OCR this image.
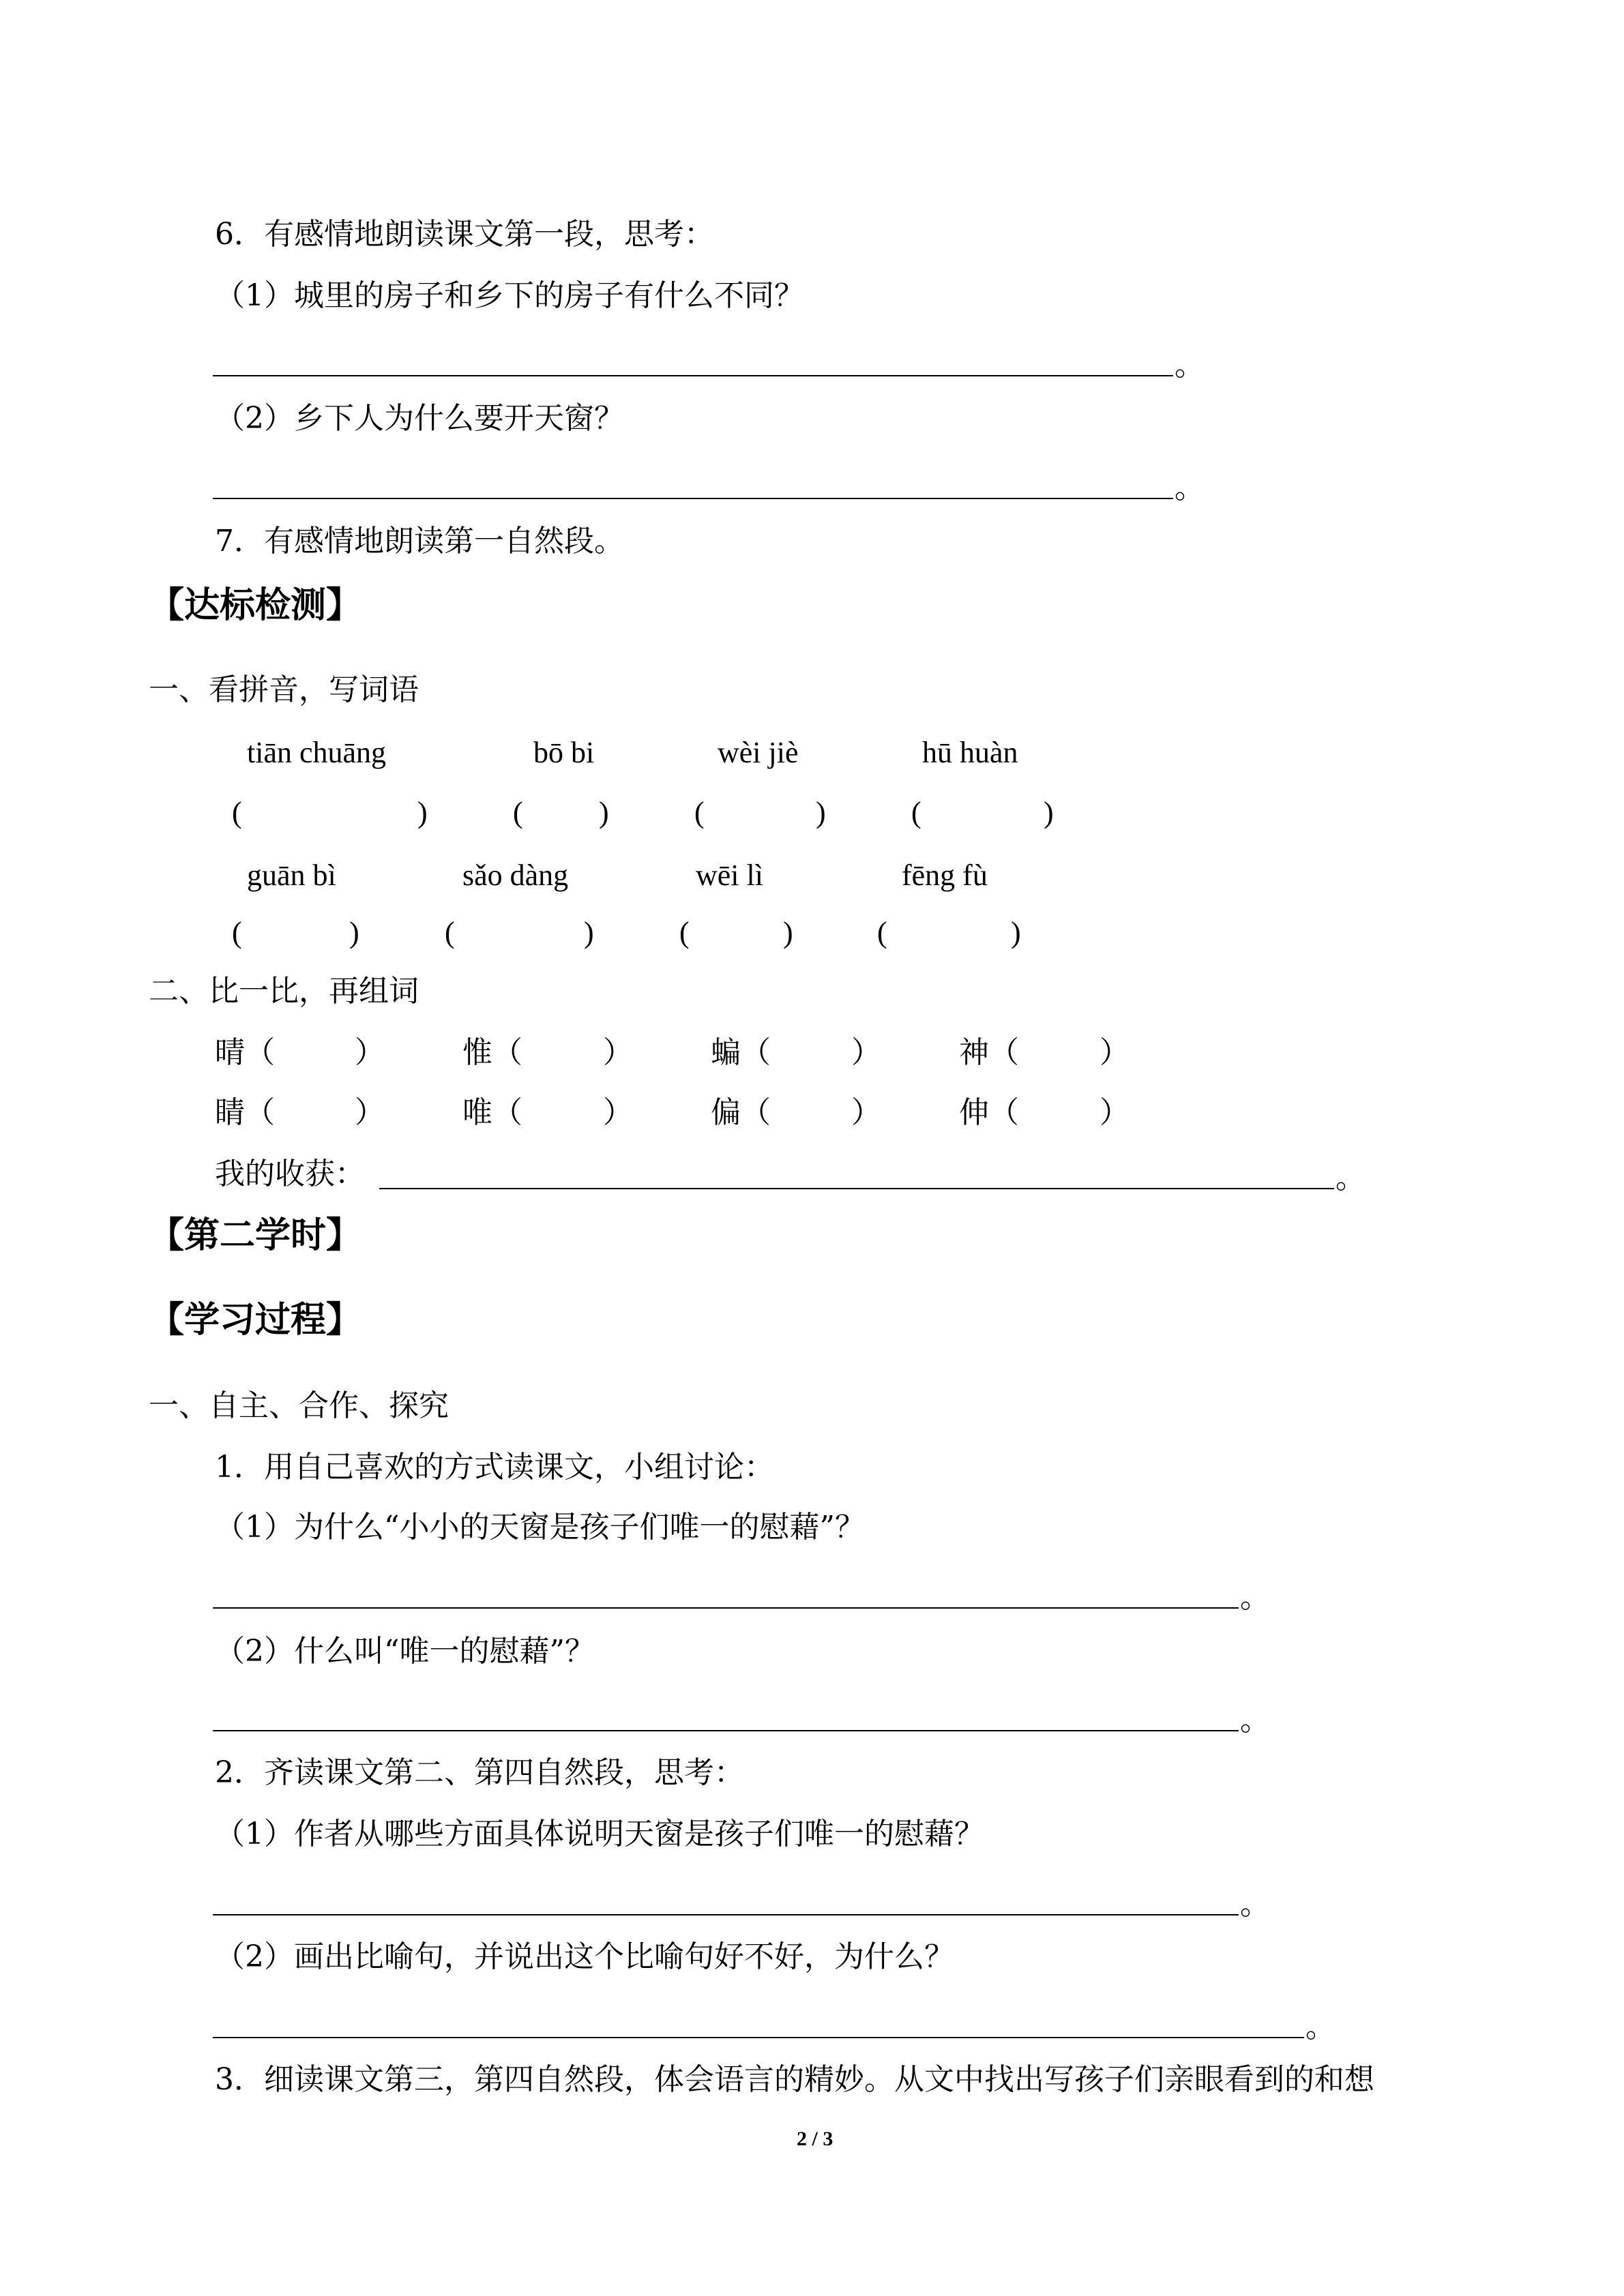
6．有感情地朗读课文第一段，思考：
（1）城里的房子和乡下的房子有什么不同？
。
（2）乡下人为什么要开天窗？
。
7．有感情地朗读第一自然段。
【达标检测】
一、看拼音，写词语
tiān chuāng	bō bi	wèi jiè	hū huàn
(	)	(	)	(	)	(	)
guān bì	sǎo dàng	wēi lì	fēng fù
(	)	(	)	(	)	(	)
二、比一比，再组词
晴 （	）	惟 （	）	蝙 （	）	神 （	）
睛 （	）	唯 （	）	偏 （	）	伸 （	）
我的收获：	。
【第二学时】
【学习过程】
一、自主、合作、探究
1．用自己喜欢的方式读课文，小组讨论：
（1）为什么“小小的天窗是孩子们唯一的慰藉”？
。
（2）什么叫“唯一的慰藉”？
。
2．齐读课文第二、第四自然段，思考：
（1）作者从哪些方面具体说明天窗是孩子们唯一的慰藉？
。
（2）画出比喻句，并说出这个比喻句好不好，为什么？
。
3．细读课文第三，第四自然段，体会语言的精妙。从文中找出写孩子们亲眼看到的和想
2 / 3
